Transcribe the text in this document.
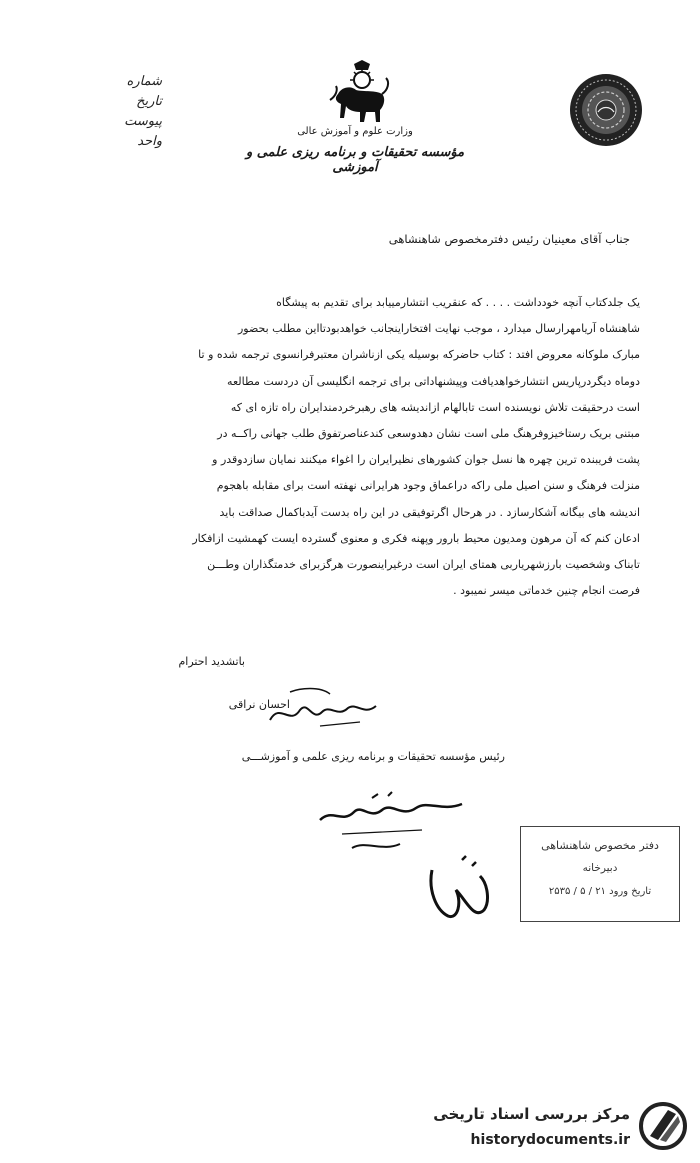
شماره
تاریخ
پیوست
واحد
وزارت علوم و آموزش عالی
مؤسسه تحقیقات و برنامه ریزی علمی و آموزشی
جناب آقای معینیان رئیس دفترمخصوص شاهنشاهی

یک جلدکتاب آنچه خودداشت . . . . که عنقریب انتشارمییابد برای تقدیم به پیشگاه

شاهنشاه آریامهرارسال میدارد ، موجب نهایت افتخاراینجانب خواهدبودتااین مطلب بحضور

مبارک ملوکانه معروض افتد : کتاب حاضرکه بوسیله یکی ازناشران معتبرفرانسوی ترجمه شده و تا

دوماه دیگردرپاریس انتشارخواهدیافت وپیشنهاداتی برای ترجمه انگلیسی آن دردست مطالعه

است درحقیقت تلاش نویسنده است تابالهام ازاندیشه های رهبرخردمندایران راه تازه ای که

مبتنی بریک رستاخیزوفرهنگ ملی است نشان دهدوسعی کندعناصرتفوق طلب جهانی راکــه در

پشت فریبنده ترین چهره ها نسل جوان کشورهای نظیرایران را اغواء میکنند نمایان سازدوقدر و

منزلت فرهنگ و سنن اصیل ملی راکه دراعماق وجود هرایرانی نهفته است برای مقابله باهجوم

اندیشه های بیگانه آشکارسازد . در هرحال اگرتوفیقی در این راه بدست آیدباکمال صداقت باید

ادعان کنم که آن مرهون ومدیون محیط بارور وپهنه فکری و معنوی گسترده ایست کهمشیت ازافکار

تابناک وشخصیت بارزشهریاربی همتای ایران است درغیراینصورت هرگزبرای خدمتگذاران وطـــن

فرصت انجام چنین خدماتی میسر نمیبود .

باتشدید احترام
احسان نراقی
رئیس مؤسسه تحقیقات و برنامه ریزی علمی و آموزشـــی
دفتر مخصوص شاهنشاهی
دبیرخانه
تاریخ ورود ۲۱ / ۵ / ۲۵۳۵
مرکز بررسی اسناد تاریخی
historydocuments.ir
